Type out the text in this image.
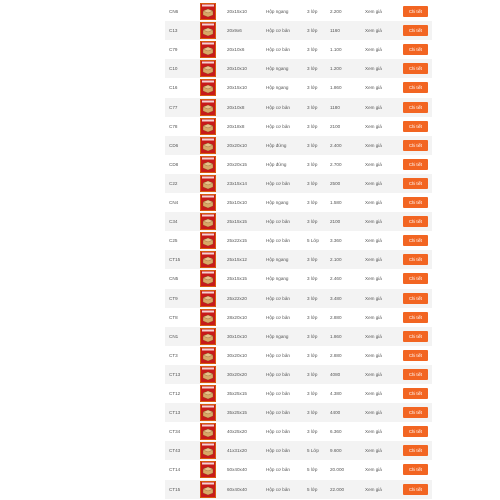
CN6	20x15x10	Hộp ngang	3 lớp	2.200	Xem giá	Chi tiết
C13	20x9x6	Hộp cơ bản	3 lớp	1160	Xem giá	Chi tiết
C79	20x10x6	Hộp cơ bản	3 lớp	1.100	Xem giá	Chi tiết
C10	20x10x10	Hộp ngang	3 lớp	1.200	Xem giá	Chi tiết
C16	20x15x10	Hộp ngang	3 lớp	1.860	Xem giá	Chi tiết
C77	20x10x8	Hộp cơ bản	3 lớp	1180	Xem giá	Chi tiết
C78	20x18x8	Hộp cơ bản	3 lớp	2100	Xem giá	Chi tiết
CD6	20x20x10	Hộp đứng	3 lớp	2.400	Xem giá	Chi tiết
CD8	20x20x15	Hộp đứng	3 lớp	2.700	Xem giá	Chi tiết
C22	23x15x14	Hộp cơ bản	3 lớp	2500	Xem giá	Chi tiết
CN4	25x10x10	Hộp ngang	3 lớp	1.580	Xem giá	Chi tiết
C34	25x15x15	Hộp cơ bản	3 lớp	2100	Xem giá	Chi tiết
C25	25x22x15	Hộp cơ bản	5 Lớp	3.360	Xem giá	Chi tiết
CT15	25x15x12	Hộp ngang	3 lớp	2.100	Xem giá	Chi tiết
CN5	25x15x15	Hộp ngang	3 lớp	2.460	Xem giá	Chi tiết
CT9	25x22x20	Hộp cơ bản	3 lớp	3.480	Xem giá	Chi tiết
CT8	28x20x10	Hộp cơ bản	3 lớp	2.880	Xem giá	Chi tiết
CN1	30x10x10	Hộp ngang	3 lớp	1.860	Xem giá	Chi tiết
CT3	30x20x10	Hộp cơ bản	3 lớp	2.880	Xem giá	Chi tiết
CT13	30x20x20	Hộp cơ bản	3 lớp	4080	Xem giá	Chi tiết
CT12	35x25x15	Hộp cơ bản	3 lớp	4.380	Xem giá	Chi tiết
CT13	35x25x15	Hộp cơ bản	3 lớp	4400	Xem giá	Chi tiết
CT34	40x25x20	Hộp cơ bản	3 lớp	6.360	Xem giá	Chi tiết
CT43	41x31x20	Hộp cơ bản	5 Lớp	9.600	Xem giá	Chi tiết
CT14	50x40x40	Hộp cơ bản	5 lớp	20.000	Xem giá	Chi tiết
CT15	60x40x40	Hộp cơ bản	5 lớp	22.000	Xem giá	Chi tiết
